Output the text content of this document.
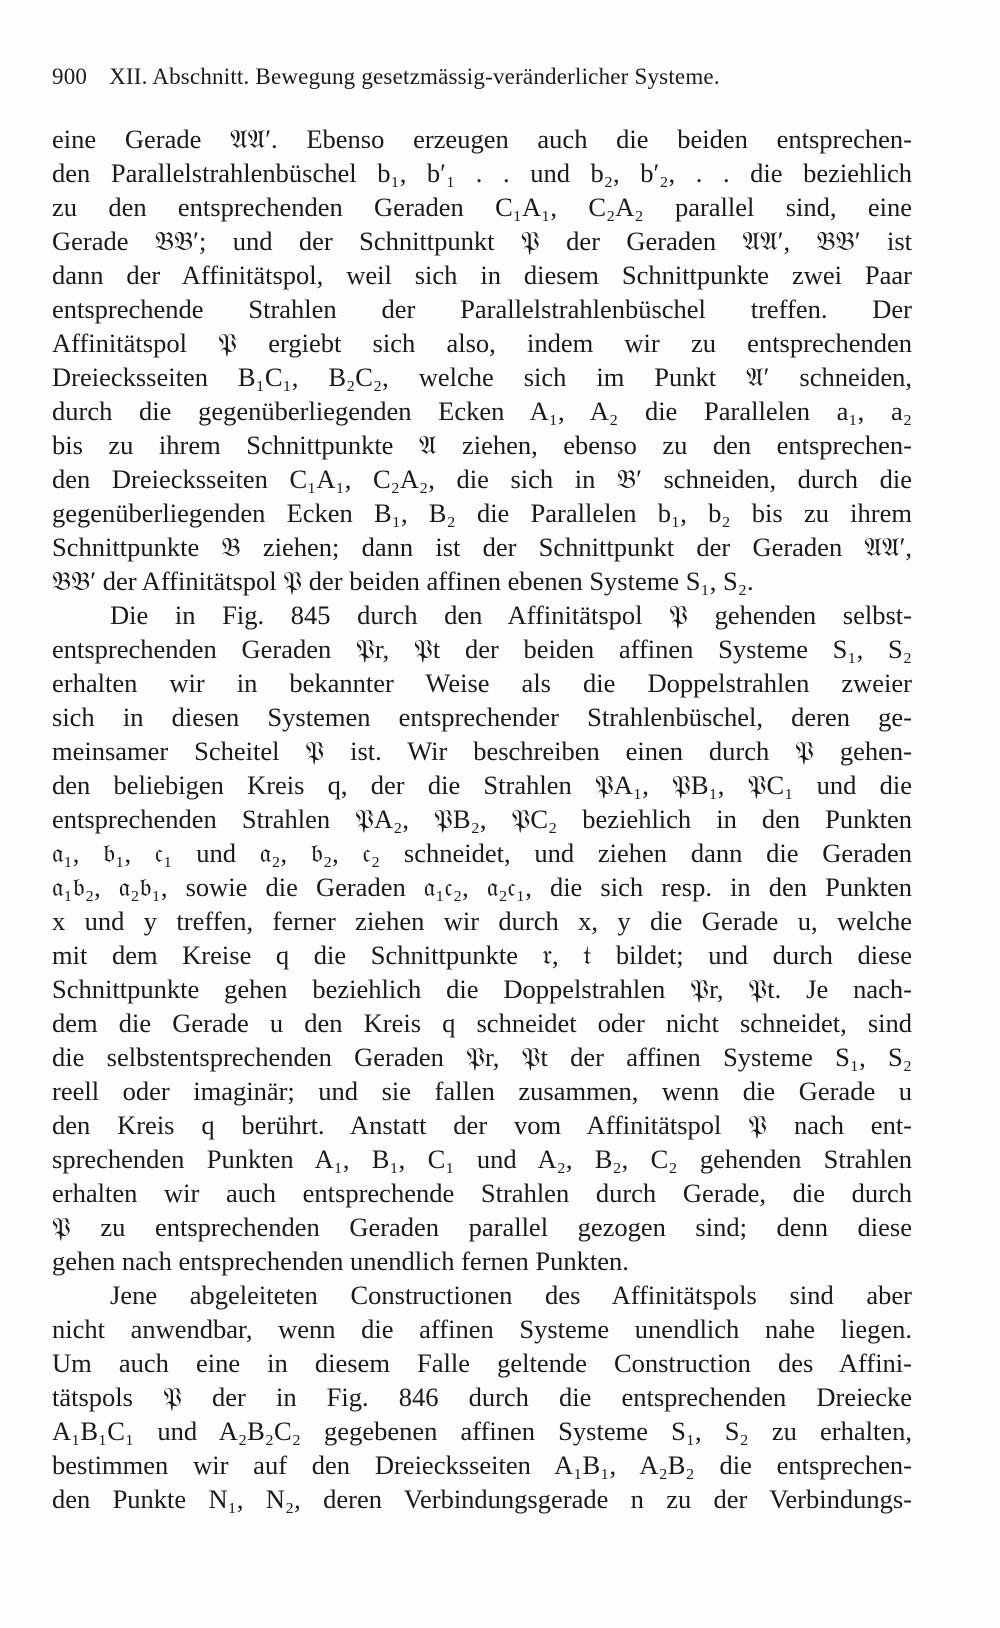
900 XII. Abschnitt. Bewegung gesetzmässig-veränderlicher Systeme.
eine Gerade 𝔄𝔄′. Ebenso erzeugen auch die beiden entsprechen-
den Parallelstrahlenbüschel b₁, b′₁ . . und b₂, b′₂, . . die beziehlich
zu den entsprechenden Geraden C₁A₁, C₂A₂ parallel sind, eine
Gerade 𝔅𝔅′; und der Schnittpunkt 𝔓 der Geraden 𝔄𝔄′, 𝔅𝔅′ ist
dann der Affinitätspol, weil sich in diesem Schnittpunkte zwei Paar
entsprechende Strahlen der Parallelstrahlenbüschel treffen. Der
Affinitätspol 𝔓 ergiebt sich also, indem wir zu entsprechenden
Dreiecksseiten B₁C₁, B₂C₂, welche sich im Punkt 𝔄′ schneiden,
durch die gegenüberliegenden Ecken A₁, A₂ die Parallelen a₁, a₂
bis zu ihrem Schnittpunkte 𝔄 ziehen, ebenso zu den entsprechen-
den Dreiecksseiten C₁A₁, C₂A₂, die sich in 𝔅′ schneiden, durch die
gegenüberliegenden Ecken B₁, B₂ die Parallelen b₁, b₂ bis zu ihrem
Schnittpunkte 𝔅 ziehen; dann ist der Schnittpunkt der Geraden 𝔄𝔄′,
𝔅𝔅′ der Affinitätspol 𝔓 der beiden affinen ebenen Systeme S₁, S₂.
Die in Fig. 845 durch den Affinitätspol 𝔓 gehenden selbst-
entsprechenden Geraden 𝔓r, 𝔓t der beiden affinen Systeme S₁, S₂
erhalten wir in bekannter Weise als die Doppelstrahlen zweier
sich in diesen Systemen entsprechender Strahlenbüschel, deren ge-
meinsamer Scheitel 𝔓 ist. Wir beschreiben einen durch 𝔓 gehen-
den beliebigen Kreis q, der die Strahlen 𝔓A₁, 𝔓B₁, 𝔓C₁ und die
entsprechenden Strahlen 𝔓A₂, 𝔓B₂, 𝔓C₂ beziehlich in den Punkten
𝔞₁, 𝔟₁, 𝔠₁ und 𝔞₂, 𝔟₂, 𝔠₂ schneidet, und ziehen dann die Geraden
𝔞₁𝔟₂, 𝔞₂𝔟₁, sowie die Geraden 𝔞₁𝔠₂, 𝔞₂𝔠₁, die sich resp. in den Punkten
x und y treffen, ferner ziehen wir durch x, y die Gerade u, welche
mit dem Kreise q die Schnittpunkte 𝔯, 𝔱 bildet; und durch diese
Schnittpunkte gehen beziehlich die Doppelstrahlen 𝔓r, 𝔓t. Je nach-
dem die Gerade u den Kreis q schneidet oder nicht schneidet, sind
die selbstentsprechenden Geraden 𝔓r, 𝔓t der affinen Systeme S₁, S₂
reell oder imaginär; und sie fallen zusammen, wenn die Gerade u
den Kreis q berührt. Anstatt der vom Affinitätspol 𝔓 nach ent-
sprechenden Punkten A₁, B₁, C₁ und A₂, B₂, C₂ gehenden Strahlen
erhalten wir auch entsprechende Strahlen durch Gerade, die durch
𝔓 zu entsprechenden Geraden parallel gezogen sind; denn diese
gehen nach entsprechenden unendlich fernen Punkten.
Jene abgeleiteten Constructionen des Affinitätspols sind aber
nicht anwendbar, wenn die affinen Systeme unendlich nahe liegen.
Um auch eine in diesem Falle geltende Construction des Affini-
tätspols 𝔓 der in Fig. 846 durch die entsprechenden Dreiecke
A₁B₁C₁ und A₂B₂C₂ gegebenen affinen Systeme S₁, S₂ zu erhalten,
bestimmen wir auf den Dreiecksseiten A₁B₁, A₂B₂ die entsprechen-
den Punkte N₁, N₂, deren Verbindungsgerade n zu der Verbindungs-
